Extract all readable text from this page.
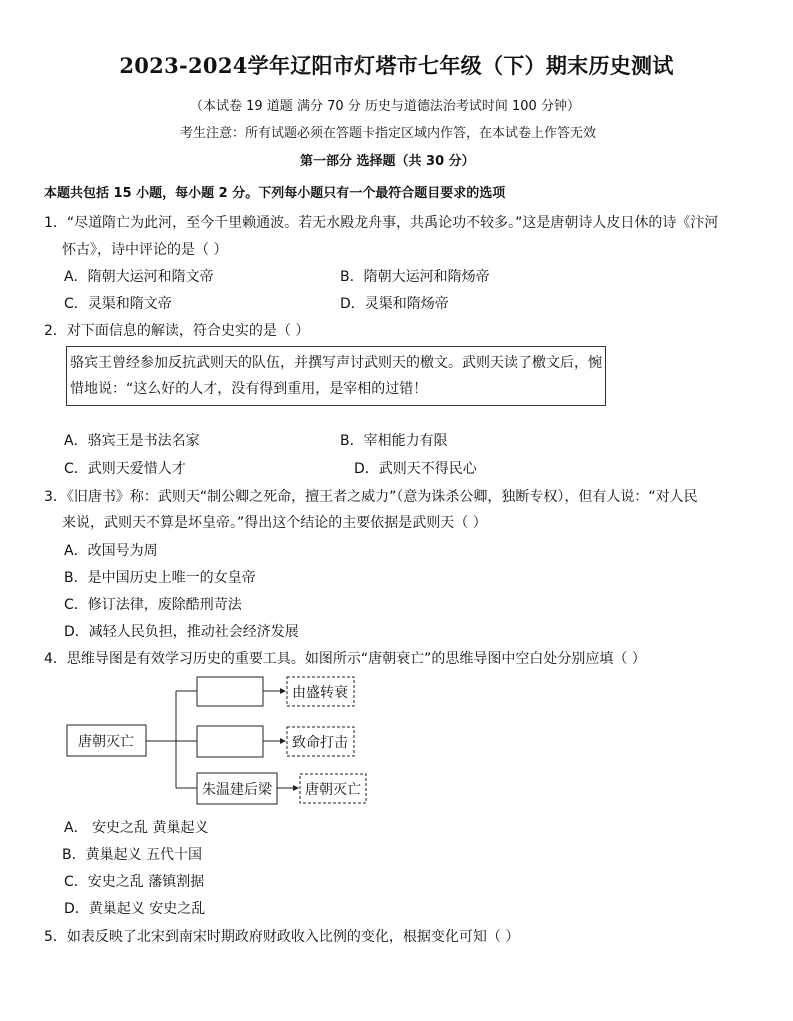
2023-2024学年辽阳市灯塔市七年级（下）期末历史测试
（本试卷 19 道题 满分 70 分 历史与道德法治考试时间 100 分钟）
考生注意：所有试题必须在答题卡指定区域内作答，在本试卷上作答无效
第一部分 选择题（共 30 分）
本题共包括 15 小题，每小题 2 分。下列每小题只有一个最符合题目要求的选项
1．“尽道隋亡为此河，至今千里赖通波。若无水殿龙舟事，共禹论功不较多。”这是唐朝诗人皮日休的诗《汴河
怀古》，诗中评论的是（ ）
A．隋朝大运河和隋文帝	B．隋朝大运河和隋炀帝
C．灵渠和隋文帝	D．灵渠和隋炀帝
2．对下面信息的解读，符合史实的是（ ）
骆宾王曾经参加反抗武则天的队伍，并撰写声讨武则天的檄文。武则天读了檄文后，惋
惜地说：“这么好的人才，没有得到重用，是宰相的过错！
A．骆宾王是书法名家	B．宰相能力有限
C．武则天爱惜人才	D．武则天不得民心
3．《旧唐书》称：武则天“制公卿之死命，擅王者之威力”（意为诛杀公卿，独断专权），但有人说：“对人民
来说，武则天不算是坏皇帝。”得出这个结论的主要依据是武则天（ ）
A．改国号为周
B．是中国历史上唯一的女皇帝
C．修订法律，废除酷刑苛法
D．减轻人民负担，推动社会经济发展
4．思维导图是有效学习历史的重要工具。如图所示“唐朝衰亡”的思维导图中空白处分别应填（ ）
唐朝灭亡
朱温建后梁
由盛转衰
致命打击
唐朝灭亡
A． 安史之乱 黄巢起义
B．黄巢起义 五代十国
C．安史之乱 藩镇割据
D．黄巢起义 安史之乱
5．如表反映了北宋到南宋时期政府财政收入比例的变化，根据变化可知（ ）
